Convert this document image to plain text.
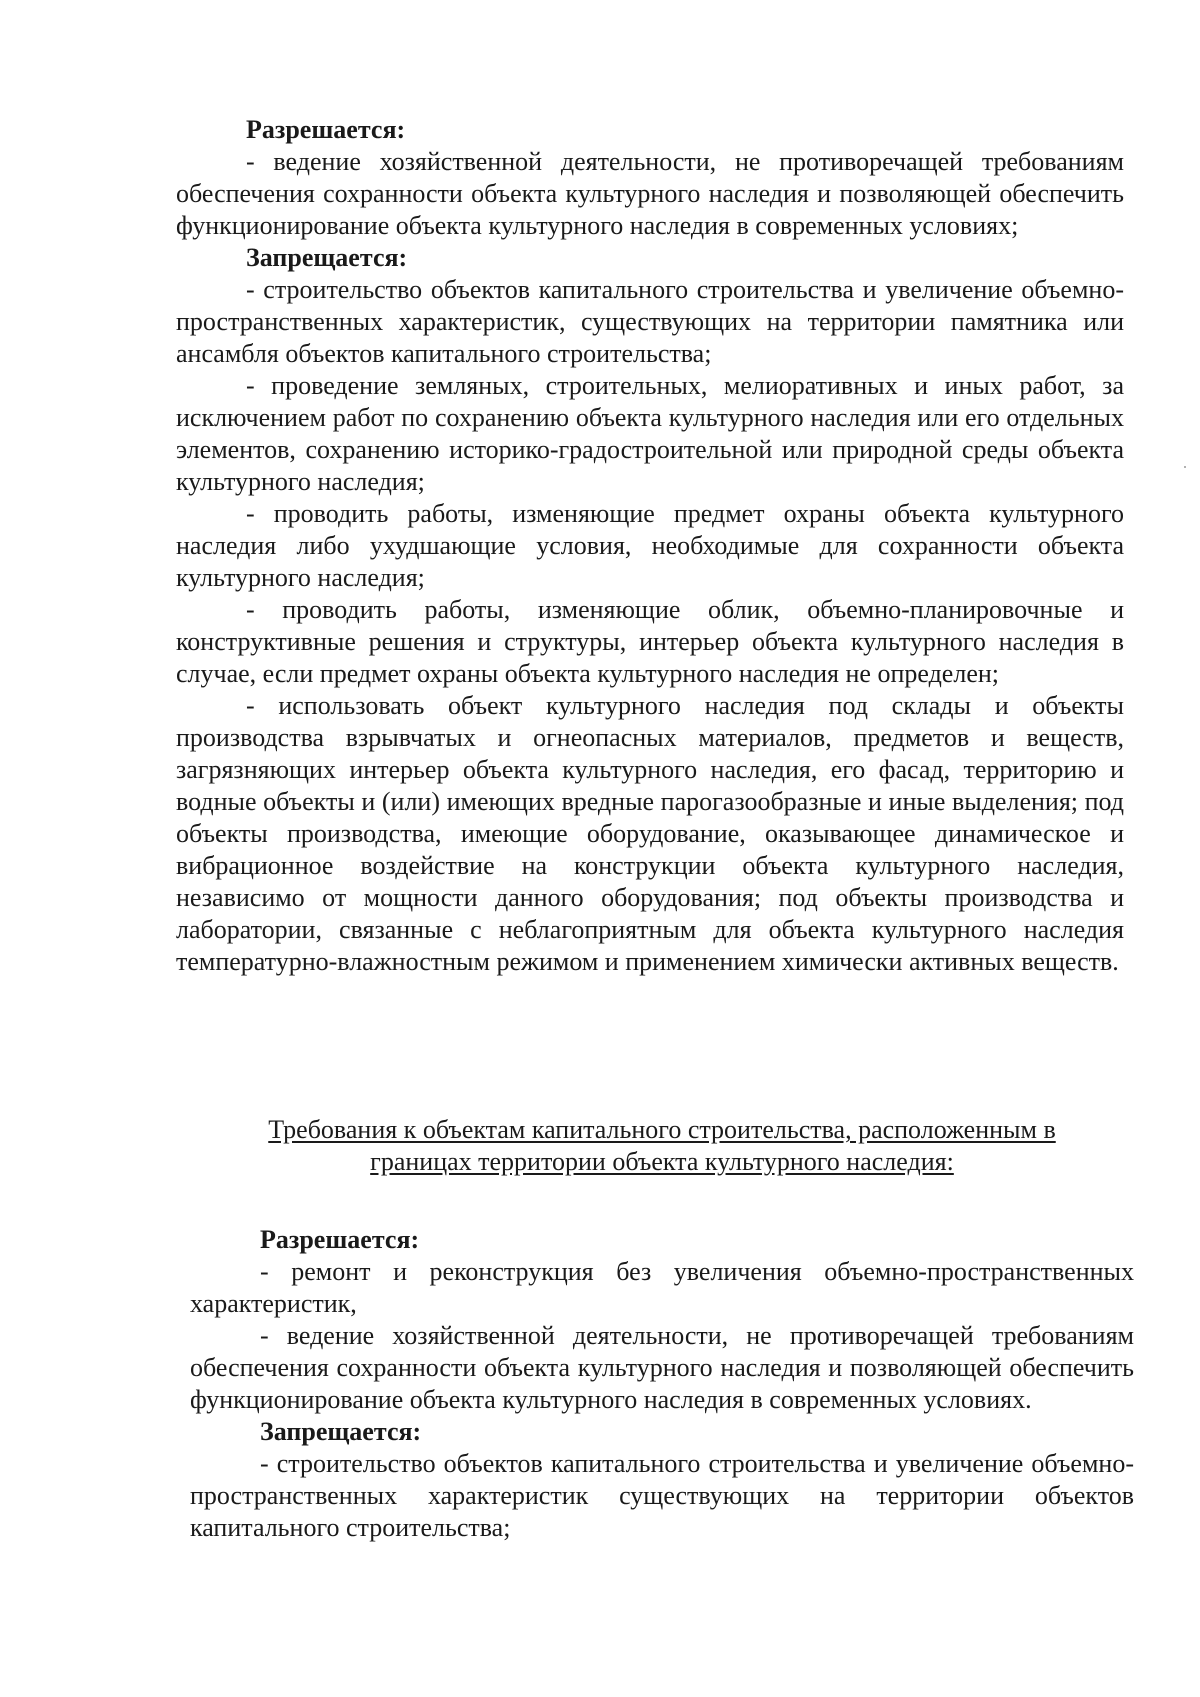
Разрешается:

- ведение хозяйственной деятельности, не противоречащей требованиям обеспечения сохранности объекта культурного наследия и позволяющей обеспечить функционирование объекта культурного наследия в современных условиях;

Запрещается:

- строительство объектов капитального строительства и увеличение объемно-пространственных характеристик, существующих на территории памятника или ансамбля объектов капитального строительства;

- проведение земляных, строительных, мелиоративных и иных работ, за исключением работ по сохранению объекта культурного наследия или его отдельных элементов, сохранению историко-градостроительной или природной среды объекта культурного наследия;

- проводить работы, изменяющие предмет охраны объекта культурного наследия либо ухудшающие условия, необходимые для сохранности объекта культурного наследия;

- проводить работы, изменяющие облик, объемно-планировочные и конструктивные решения и структуры, интерьер объекта культурного наследия в случае, если предмет охраны объекта культурного наследия не определен;

- использовать объект культурного наследия под склады и объекты производства взрывчатых и огнеопасных материалов, предметов и веществ, загрязняющих интерьер объекта культурного наследия, его фасад, территорию и водные объекты и (или) имеющих вредные парогазообразные и иные выделения; под объекты производства, имеющие оборудование, оказывающее динамическое и вибрационное воздействие на конструкции объекта культурного наследия, независимо от мощности данного оборудования; под объекты производства и лаборатории, связанные с неблагоприятным для объекта культурного наследия температурно-влажностным режимом и применением химически активных веществ.

Требования к объектам капитального строительства, расположенным в
границах территории объекта культурного наследия:
Разрешается:

- ремонт и реконструкция без увеличения объемно-пространственных характеристик,

- ведение хозяйственной деятельности, не противоречащей требованиям обеспечения сохранности объекта культурного наследия и позволяющей обеспечить функционирование объекта культурного наследия в современных условиях.

Запрещается:

- строительство объектов капитального строительства и увеличение объемно-пространственных характеристик существующих на территории объектов капитального строительства;
